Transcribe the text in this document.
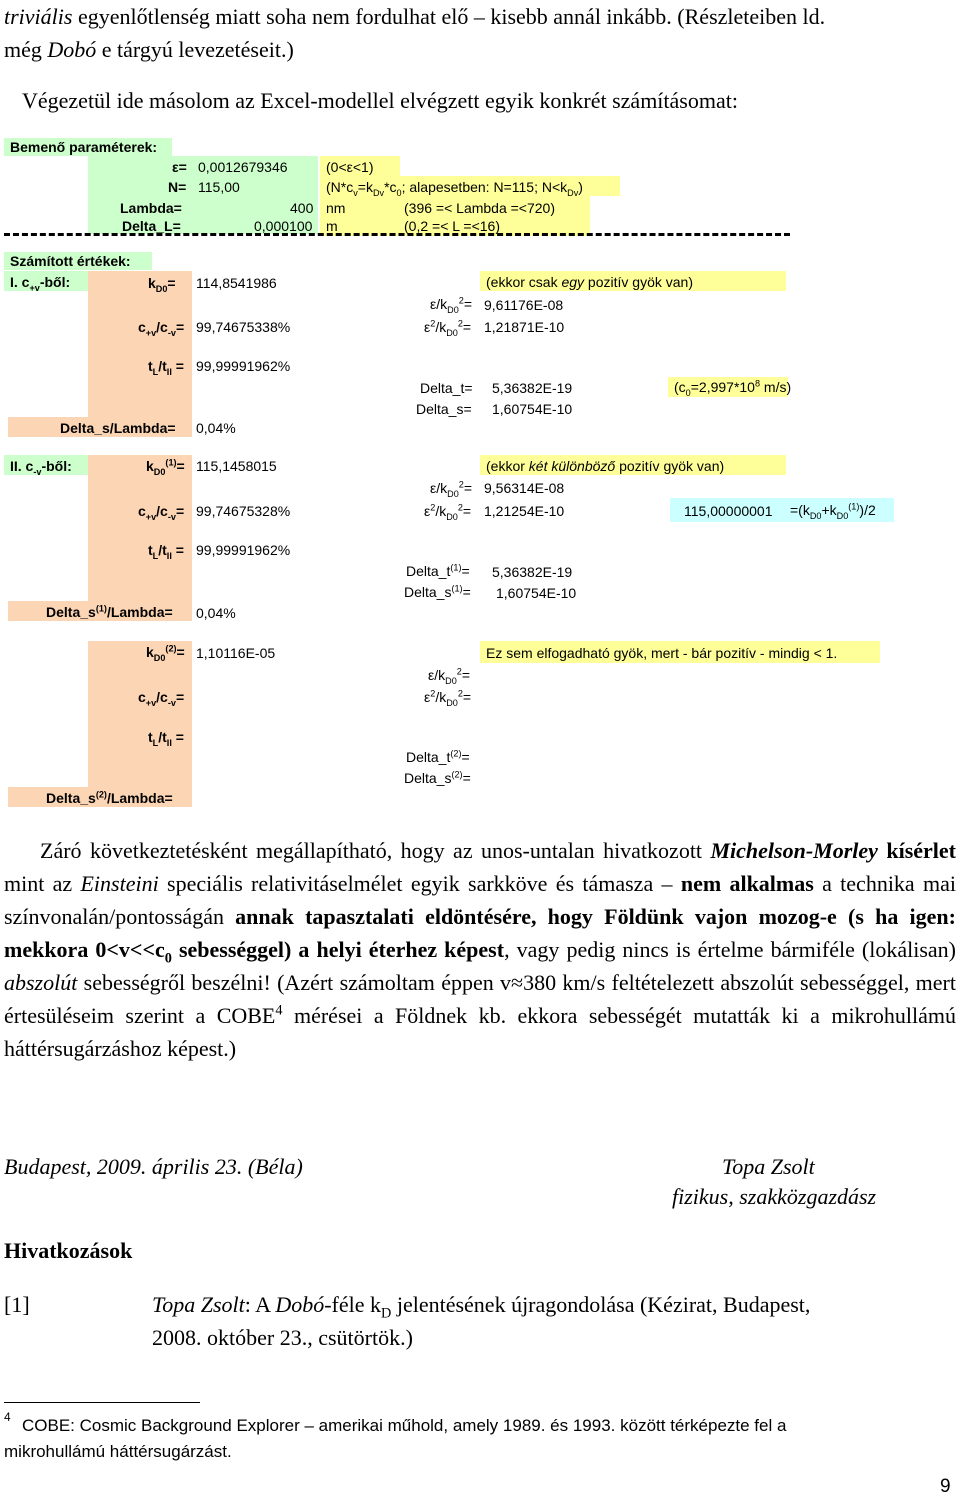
triviális egyenlőtlenség miatt soha nem fordulhat elő – kisebb annál inkább. (Részleteiben ld.
még Dobó e tárgyú levezetéseit.)
Végezetül ide másolom az Excel-modellel elvégzett egyik konkrét számításomat:
Bemenő paraméterek:
ε= 0,0012679346	(0<ε<1)
N= 115,00	($N*c_v=k_{Dv}*c_0$; alapesetben: N=115; $N<k_{Dv}$)
Lambda=	400 nm	(396 =< Lambda =<720)
Delta_L=	0,000100 m	(0,2 =< L =<16)
Számított értékek:
I. $c_{+v}$-ből:	$k_{D0}= 114,8541986$	(ekkor csak egy pozitív gyök van)
$\varepsilon/k_{D0}^2= 9,61176E-08$
$c_{+v}/c_{-v}= 99,74675338\%$	$\varepsilon^2/k_{D0}^2= 1,21871E-10$
$t_L/t_{II} = 99,99991962\%$
Delta_t= 5,36382E-19	($c_0=2,997*10^8$ m/s)
Delta_s= 1,60754E-10
Delta_s/Lambda= 0,04%
II. $c_{-v}$-ből:	$k_{D0}^{(1)}= 115,1458015$	(ekkor két különböző pozitív gyök van)
$\varepsilon/k_{D0}^2= 9,56314E-08$
$c_{+v}/c_{-v}= 99,74675328\%$	$\varepsilon^2/k_{D0}^2= 1,21254E-10$	$115,00000001 =(k_{D0}+k_{D0}^{(1)})/2$
$t_L/t_{II} = 99,99991962\%$
$Delta\_t^{(1)}= 5,36382E-19$
$Delta\_s^{(1)}= 1,60754E-10$
$Delta\_s^{(1)}/Lambda= 0,04\%$
$k_{D0}^{(2)}= 1,10116E-05$	Ez sem elfogadható gyök, mert - bár pozitív - mindig < 1.
$\varepsilon/k_{D0}^2=$
$c_{+v}/c_{-v}=$	$\varepsilon^2/k_{D0}^2=$
$t_L/t_{II}$ =
$Delta\_t^{(2)}=$
$Delta\_s^{(2)}=$
$Delta\_s^{(2)}/Lambda=$
Záró következtetésként megállapítható, hogy az unos-untalan hivatkozott Michelson-Morley kísérlet mint az Einsteini speciális relativitáselmélet egyik sarkköve és támasza – nem alkalmas a technika mai színvonalán/pontosságán annak tapasztalati eldöntésére, hogy Földünk vajon mozog-e (s ha igen: mekkora $0<v<<c_0$ sebességgel) a helyi éterhez képest, vagy pedig nincs is értelme bármiféle (lokálisan) abszolút sebességről beszélni! (Azért számoltam éppen v≈380 km/s feltételezett abszolút sebességgel, mert értesüléseim szerint a COBE$^4$ mérései a Földnek kb. ekkora sebességét mutatták ki a mikrohullámú háttérsugárzáshoz képest.)
Budapest, 2009. április 23. (Béla)	Topa Zsolt
fizikus, szakközgazdász
Hivatkozások
[1]	Topa Zsolt: A Dobó-féle $k_D$ jelentésének újragondolása (Kézirat, Budapest,
2008. október 23., csütörtök.)
4 COBE: Cosmic Background Explorer – amerikai műhold, amely 1989. és 1993. között térképezte fel a
mikrohullámú háttérsugárzást.
9
